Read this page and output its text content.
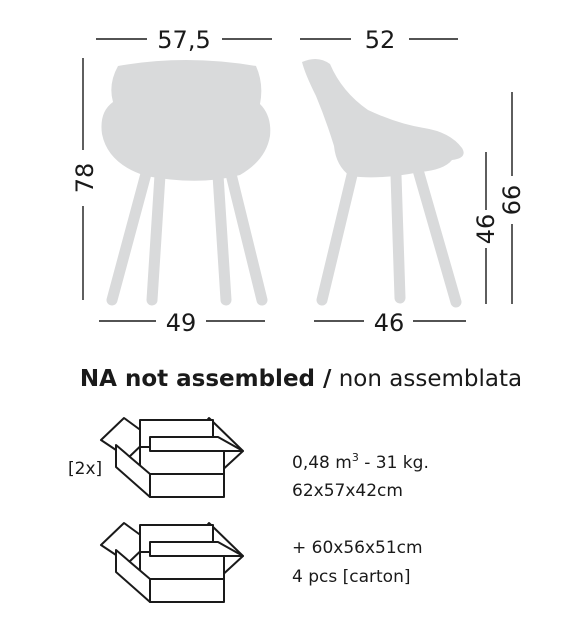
57,5
78
49
52
46
66
46
NA not assembled / non assemblata
[2x]	0,48 $m^3 - 31$ kg.
62x57x42cm
+ 60x56x51cm
4 pcs [carton]
